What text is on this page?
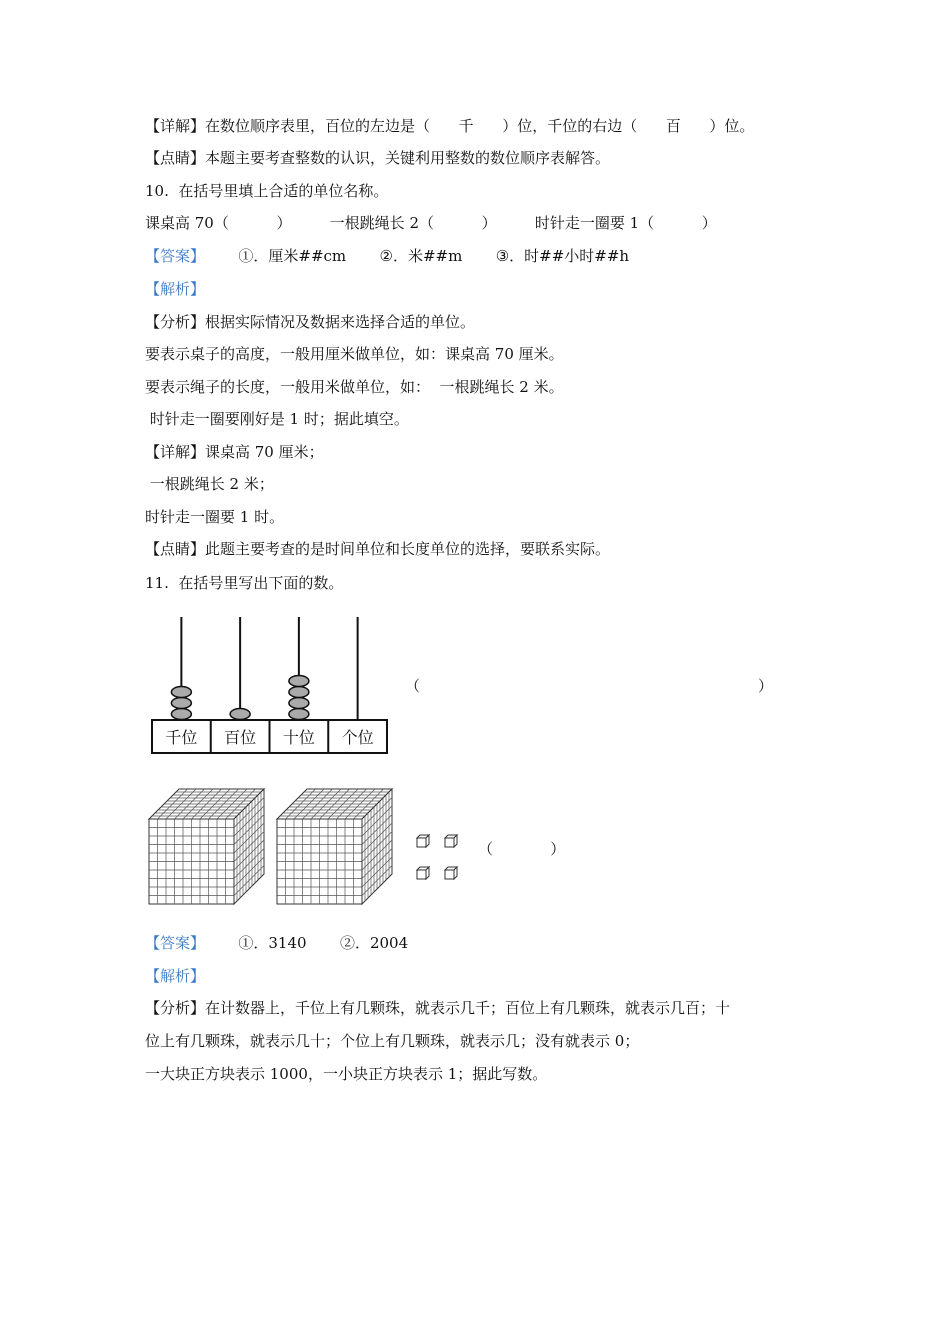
【详解】在数位顺序表里，百位的左边是（      千      ）位，千位的右边（      百      ）位。
【点睛】本题主要考查整数的认识，关键利用整数的数位顺序表解答。
10.  在括号里填上合适的单位名称。
课桌高 70（          ）        一根跳绳长 2（          ）        时针走一圈要 1（          ）
【答案】       ①．厘米##cm       ②．米##m       ③．时##小时##h
【解析】
【分析】根据实际情况及数据来选择合适的单位。
要表示桌子的高度，一般用厘米做单位，如：课桌高 70 厘米。
要表示绳子的长度，一般用米做单位，如：  一根跳绳长 2 米。
时针走一圈要刚好是 1 时；据此填空。
【详解】课桌高 70 厘米；
一根跳绳长 2 米；
时针走一圈要 1 时。
【点睛】此题主要考查的是时间单位和长度单位的选择，要联系实际。
11.  在括号里写出下面的数。
千位 百位 十位 个位
（	）
（            ）
【答案】       ①．3140       ②．2004
【解析】
【分析】在计数器上，千位上有几颗珠，就表示几千；百位上有几颗珠，就表示几百；十
位上有几颗珠，就表示几十；个位上有几颗珠，就表示几；没有就表示 0；
一大块正方块表示 1000，一小块正方块表示 1；据此写数。
